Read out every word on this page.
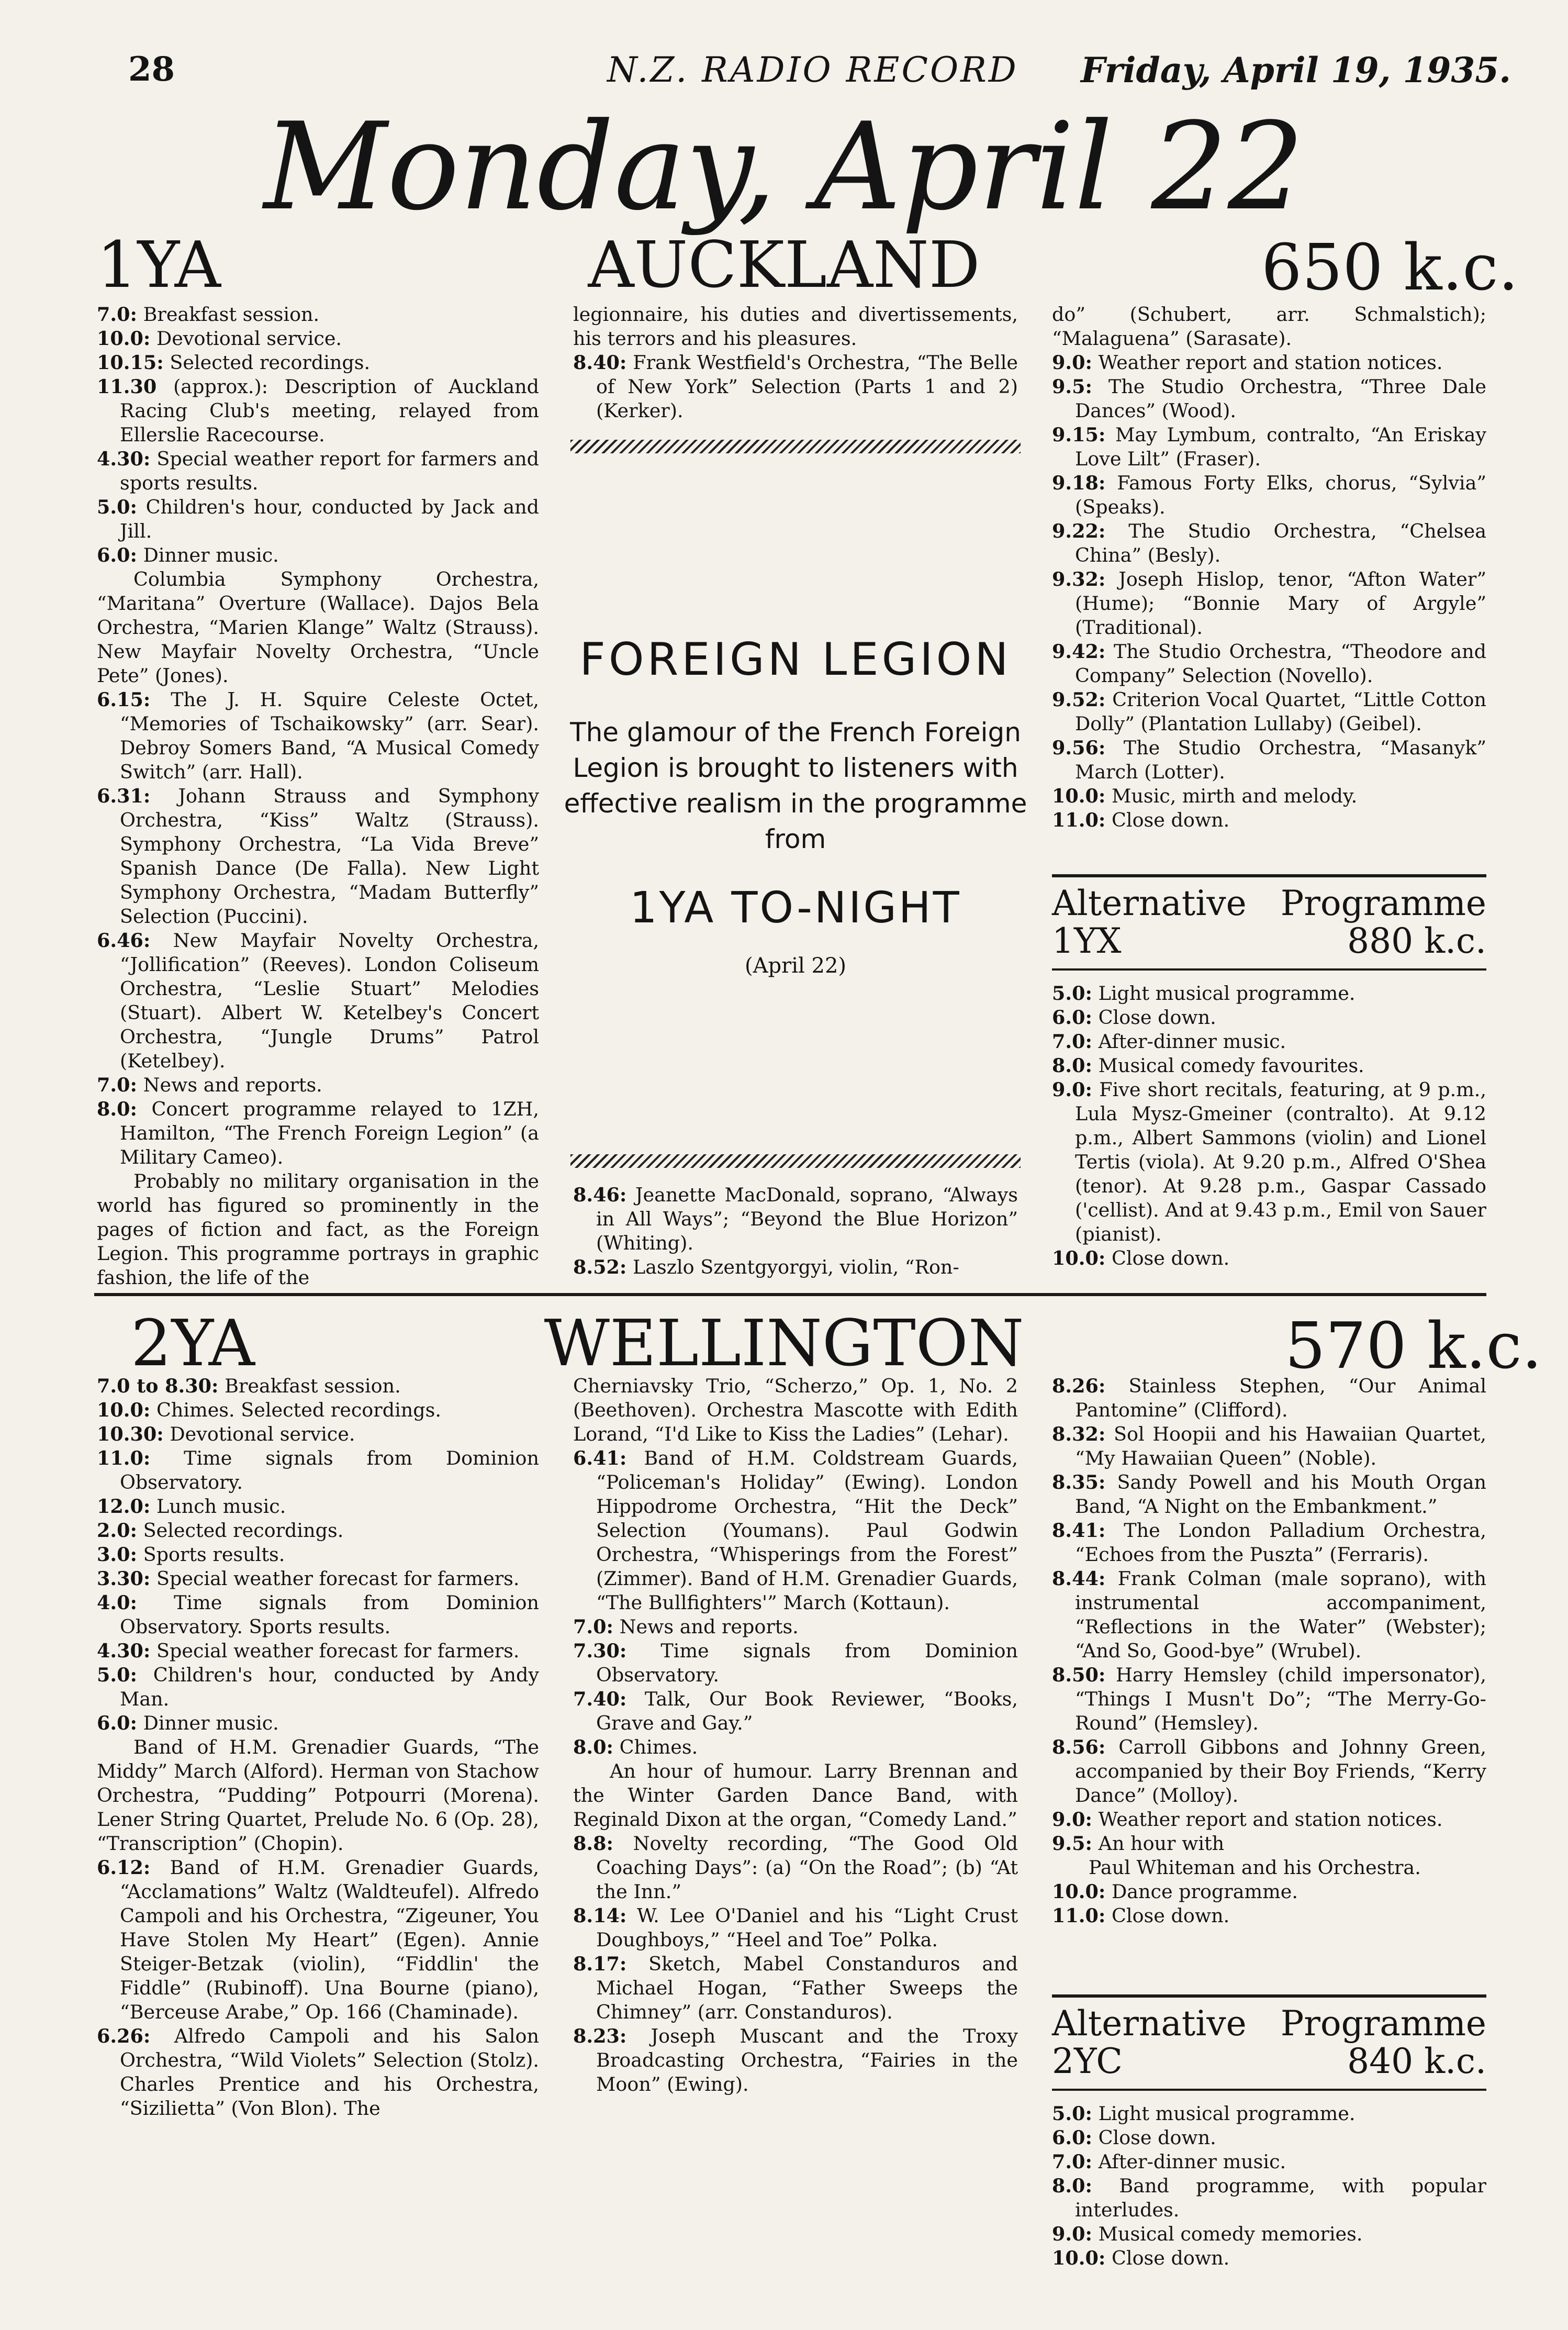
28	N.Z. RADIO RECORD Friday, April 19, 1935.
Monday, April 22
1YA	AUCKLAND	650 k.c.

7.0: Breakfast session.

10.0: Devotional service.

10.15: Selected recordings.

11.30 (approx.): Description of Auckland Racing Club's meeting, relayed from Ellerslie Racecourse.

4.30: Special weather report for farmers and sports results.

5.0: Children's hour, conducted by Jack and Jill.

6.0: Dinner music.

Columbia Symphony Orchestra, “Maritana” Overture (Wallace). Dajos Bela Orchestra, “Marien Klange” Waltz (Strauss). New Mayfair Novelty Orchestra, “Uncle Pete” (Jones).

6.15: The J. H. Squire Celeste Octet, “Memories of Tschaikowsky” (arr. Sear). Debroy Somers Band, “A Musical Comedy Switch” (arr. Hall).

6.31: Johann Strauss and Symphony Orchestra, “Kiss” Waltz (Strauss). Symphony Orchestra, “La Vida Breve” Spanish Dance (De Falla). New Light Symphony Orchestra, “Madam Butterfly” Selection (Puccini).

6.46: New Mayfair Novelty Orchestra, “Jollification” (Reeves). London Coliseum Orchestra, “Leslie Stuart” Melodies (Stuart). Albert W. Ketelbey's Concert Orchestra, “Jungle Drums” Patrol (Ketelbey).

7.0: News and reports.

8.0: Concert programme relayed to 1ZH, Hamilton, “The French Foreign Legion” (a Military Cameo).

Probably no military organisation in the world has figured so prominently in the pages of fiction and fact, as the Foreign Legion. This programme portrays in graphic fashion, the life of the

legionnaire, his duties and divertissements, his terrors and his pleasures.

8.40: Frank Westfield's Orchestra, “The Belle of New York” Selection (Parts 1 and 2) (Kerker).

FOREIGN LEGION

The glamour of the French Foreign Legion is brought to listeners with effective realism in the programme from

1YA TO-NIGHT

(April 22)

8.46: Jeanette MacDonald, soprano, “Always in All Ways”; “Beyond the Blue Horizon” (Whiting).

8.52: Laszlo Szentgyorgyi, violin, “Ron-

do” (Schubert, arr. Schmalstich); “Malaguena” (Sarasate).

9.0: Weather report and station notices.

9.5: The Studio Orchestra, “Three Dale Dances” (Wood).

9.15: May Lymbum, contralto, “An Eriskay Love Lilt” (Fraser).

9.18: Famous Forty Elks, chorus, “Sylvia” (Speaks).

9.22: The Studio Orchestra, “Chelsea China” (Besly).

9.32: Joseph Hislop, tenor, “Afton Water” (Hume); “Bonnie Mary of Argyle” (Traditional).

9.42: The Studio Orchestra, “Theodore and Company” Selection (Novello).

9.52: Criterion Vocal Quartet, “Little Cotton Dolly” (Plantation Lullaby) (Geibel).

9.56: The Studio Orchestra, “Masanyk” March (Lotter).

10.0: Music, mirth and melody.

11.0: Close down.

Alternative Programme
1YX	880 k.c.

5.0: Light musical programme.

6.0: Close down.

7.0: After-dinner music.

8.0: Musical comedy favourites.

9.0: Five short recitals, featuring, at 9 p.m., Lula Mysz-Gmeiner (contralto). At 9.12 p.m., Albert Sammons (violin) and Lionel Tertis (viola). At 9.20 p.m., Alfred O'Shea (tenor). At 9.28 p.m., Gaspar Cassado ('cellist). And at 9.43 p.m., Emil von Sauer (pianist).

10.0: Close down.

2YA	WELLINGTON	570 k.c.

7.0 to 8.30: Breakfast session.

10.0: Chimes. Selected recordings.

10.30: Devotional service.

11.0: Time signals from Dominion Observatory.

12.0: Lunch music.

2.0: Selected recordings.

3.0: Sports results.

3.30: Special weather forecast for farmers.

4.0: Time signals from Dominion Observatory. Sports results.

4.30: Special weather forecast for farmers.

5.0: Children's hour, conducted by Andy Man.

6.0: Dinner music.

Band of H.M. Grenadier Guards, “The Middy” March (Alford). Herman von Stachow Orchestra, “Pudding” Potpourri (Morena). Lener String Quartet, Prelude No. 6 (Op. 28), “Transcription” (Chopin).

6.12: Band of H.M. Grenadier Guards, “Acclamations” Waltz (Waldteufel). Alfredo Campoli and his Orchestra, “Zigeuner, You Have Stolen My Heart” (Egen). Annie Steiger-Betzak (violin), “Fiddlin' the Fiddle” (Rubinoff). Una Bourne (piano), “Berceuse Arabe,” Op. 166 (Chaminade).

6.26: Alfredo Campoli and his Salon Orchestra, “Wild Violets” Selection (Stolz). Charles Prentice and his Orchestra, “Sizilietta” (Von Blon). The

Cherniavsky Trio, “Scherzo,” Op. 1, No. 2 (Beethoven). Orchestra Mascotte with Edith Lorand, “I'd Like to Kiss the Ladies” (Lehar).

6.41: Band of H.M. Coldstream Guards, “Policeman's Holiday” (Ewing). London Hippodrome Orchestra, “Hit the Deck” Selection (Youmans). Paul Godwin Orchestra, “Whisperings from the Forest” (Zimmer). Band of H.M. Grenadier Guards, “The Bullfighters'” March (Kottaun).

7.0: News and reports.

7.30: Time signals from Dominion Observatory.

7.40: Talk, Our Book Reviewer, “Books, Grave and Gay.”

8.0: Chimes.

An hour of humour. Larry Brennan and the Winter Garden Dance Band, with Reginald Dixon at the organ, “Comedy Land.”

8.8: Novelty recording, “The Good Old Coaching Days”: (a) “On the Road”; (b) “At the Inn.”

8.14: W. Lee O'Daniel and his “Light Crust Doughboys,” “Heel and Toe” Polka.

8.17: Sketch, Mabel Constanduros and Michael Hogan, “Father Sweeps the Chimney” (arr. Constanduros).

8.23: Joseph Muscant and the Troxy Broadcasting Orchestra, “Fairies in the Moon” (Ewing).

8.26: Stainless Stephen, “Our Animal Pantomine” (Clifford).

8.32: Sol Hoopii and his Hawaiian Quartet, “My Hawaiian Queen” (Noble).

8.35: Sandy Powell and his Mouth Organ Band, “A Night on the Embankment.”

8.41: The London Palladium Orchestra, “Echoes from the Puszta” (Ferraris).

8.44: Frank Colman (male soprano), with instrumental accompaniment, “Reflections in the Water” (Webster); “And So, Good-bye” (Wrubel).

8.50: Harry Hemsley (child impersonator), “Things I Musn't Do”; “The Merry-Go-Round” (Hemsley).

8.56: Carroll Gibbons and Johnny Green, accompanied by their Boy Friends, “Kerry Dance” (Molloy).

9.0: Weather report and station notices.

9.5: An hour with

Paul Whiteman and his Orchestra.

10.0: Dance programme.

11.0: Close down.

Alternative Programme
2YC	840 k.c.

5.0: Light musical programme.

6.0: Close down.

7.0: After-dinner music.

8.0: Band programme, with popular interludes.

9.0: Musical comedy memories.

10.0: Close down.
